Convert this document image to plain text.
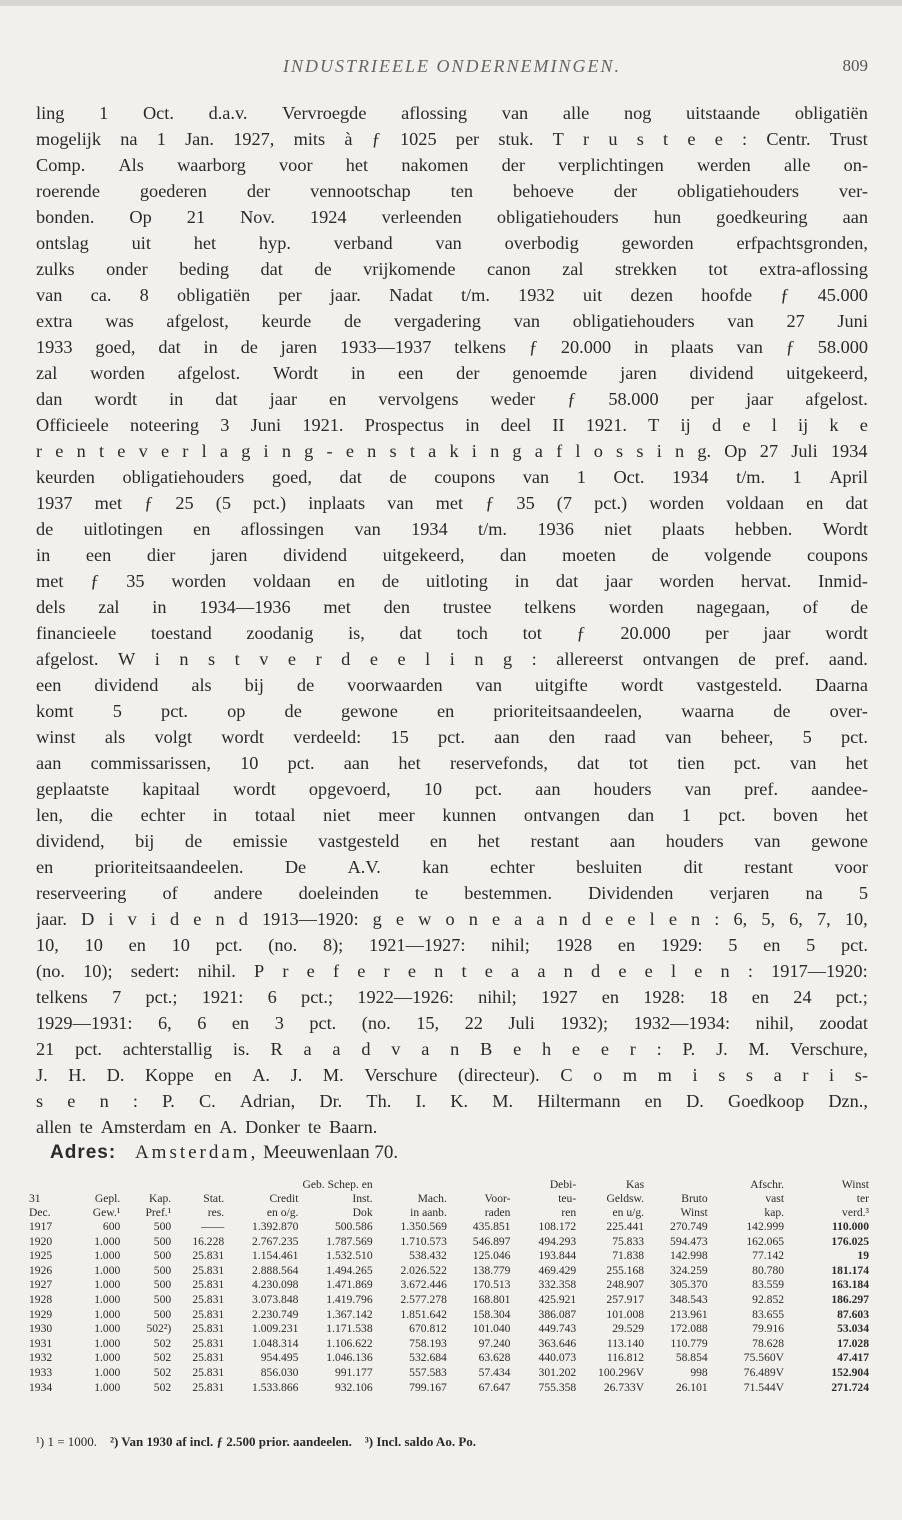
INDUSTRIEELE ONDERNEMINGEN.	809
ling 1 Oct. d.a.v. Vervroegde aflossing van alle nog uitstaande obligatiën
mogelijk na 1 Jan. 1927, mits à ƒ 1025 per stuk. T r u s t e e : Centr. Trust
Comp. Als waarborg voor het nakomen der verplichtingen werden alle on-
roerende goederen der vennootschap ten behoeve der obligatiehouders ver-
bonden. Op 21 Nov. 1924 verleenden obligatiehouders hun goedkeuring aan
ontslag uit het hyp. verband van overbodig geworden erfpachtsgronden,
zulks onder beding dat de vrijkomende canon zal strekken tot extra-aflossing
van ca. 8 obligatiën per jaar. Nadat t/m. 1932 uit dezen hoofde ƒ 45.000
extra was afgelost, keurde de vergadering van obligatiehouders van 27 Juni
1933 goed, dat in de jaren 1933—1937 telkens ƒ 20.000 in plaats van ƒ 58.000
zal worden afgelost. Wordt in een der genoemde jaren dividend uitgekeerd,
dan wordt in dat jaar en vervolgens weder ƒ 58.000 per jaar afgelost.
Officieele noteering 3 Juni 1921. Prospectus in deel II 1921. T ij d e l ij k e
r e n t e v e r l a g i n g - e n s t a k i n g a f l o s s i n g. Op 27 Juli 1934
keurden obligatiehouders goed, dat de coupons van 1 Oct. 1934 t/m. 1 April
1937 met ƒ 25 (5 pct.) inplaats van met ƒ 35 (7 pct.) worden voldaan en dat
de uitlotingen en aflossingen van 1934 t/m. 1936 niet plaats hebben. Wordt
in een dier jaren dividend uitgekeerd, dan moeten de volgende coupons
met ƒ 35 worden voldaan en de uitloting in dat jaar worden hervat. Inmid-
dels zal in 1934—1936 met den trustee telkens worden nagegaan, of de
financieele toestand zoodanig is, dat toch tot ƒ 20.000 per jaar wordt
afgelost. W i n s t v e r d e e l i n g : allereerst ontvangen de pref. aand.
een dividend als bij de voorwaarden van uitgifte wordt vastgesteld. Daarna
komt 5 pct. op de gewone en prioriteitsaandeelen, waarna de over-
winst als volgt wordt verdeeld: 15 pct. aan den raad van beheer, 5 pct.
aan commissarissen, 10 pct. aan het reservefonds, dat tot tien pct. van het
geplaatste kapitaal wordt opgevoerd, 10 pct. aan houders van pref. aandee-
len, die echter in totaal niet meer kunnen ontvangen dan 1 pct. boven het
dividend, bij de emissie vastgesteld en het restant aan houders van gewone
en prioriteitsaandeelen. De A.V. kan echter besluiten dit restant voor
reserveering of andere doeleinden te bestemmen. Dividenden verjaren na 5
jaar. D i v i d e n d 1913—1920: g e w o n e a a n d e e l e n : 6, 5, 6, 7, 10,
10, 10 en 10 pct. (no. 8); 1921—1927: nihil; 1928 en 1929: 5 en 5 pct.
(no. 10); sedert: nihil. P r e f e r e n t e a a n d e e l e n : 1917—1920:
telkens 7 pct.; 1921: 6 pct.; 1922—1926: nihil; 1927 en 1928: 18 en 24 pct.;
1929—1931: 6, 6 en 3 pct. (no. 15, 22 Juli 1932); 1932—1934: nihil, zoodat
21 pct. achterstallig is. R a a d v a n B e h e e r : P. J. M. Verschure,
J. H. D. Koppe en A. J. M. Verschure (directeur). C o m m i s s a r i s-
s e n : P. C. Adrian, Dr. Th. I. K. M. Hiltermann en D. Goedkoop Dzn.,
allen te Amsterdam en A. Donker te Baarn.
Adres: Amsterdam, Meeuwenlaan 70.
					Geb. Schep. en			Debi-	Kas		Afschr.	Winst
31	Gepl.	Kap.	Stat.	Credit	Inst.	Mach.	Voor-	teu-	Geldsw.	Bruto	vast	ter
Dec.	Gew.¹	Pref.¹	res.	en o/g.	Dok	in aanb.	raden	ren	en u/g.	Winst	kap.	verd.³
1917	600	500	——	1.392.870	500.586	1.350.569	435.851	108.172	225.441	270.749	142.999	110.000
1920	1.000	500	16.228	2.767.235	1.787.569	1.710.573	546.897	494.293	75.833	594.473	162.065	176.025
1925	1.000	500	25.831	1.154.461	1.532.510	538.432	125.046	193.844	71.838	142.998	77.142	19
1926	1.000	500	25.831	2.888.564	1.494.265	2.026.522	138.779	469.429	255.168	324.259	80.780	181.174
1927	1.000	500	25.831	4.230.098	1.471.869	3.672.446	170.513	332.358	248.907	305.370	83.559	163.184
1928	1.000	500	25.831	3.073.848	1.419.796	2.577.278	168.801	425.921	257.917	348.543	92.852	186.297
1929	1.000	500	25.831	2.230.749	1.367.142	1.851.642	158.304	386.087	101.008	213.961	83.655	87.603
1930	1.000	502²)	25.831	1.009.231	1.171.538	670.812	101.040	449.743	29.529	172.088	79.916	53.034
1931	1.000	502	25.831	1.048.314	1.106.622	758.193	97.240	363.646	113.140	110.779	78.628	17.028
1932	1.000	502	25.831	954.495	1.046.136	532.684	63.628	440.073	116.812	58.854	75.560V	47.417
1933	1.000	502	25.831	856.030	991.177	557.583	57.434	301.202	100.296V	998	76.489V	152.904
1934	1.000	502	25.831	1.533.866	932.106	799.167	67.647	755.358	26.733V	26.101	71.544V	271.724
¹) 1 = 1000. ²) Van 1930 af incl. ƒ 2.500 prior. aandeelen. ³) Incl. saldo Ao. Po.
